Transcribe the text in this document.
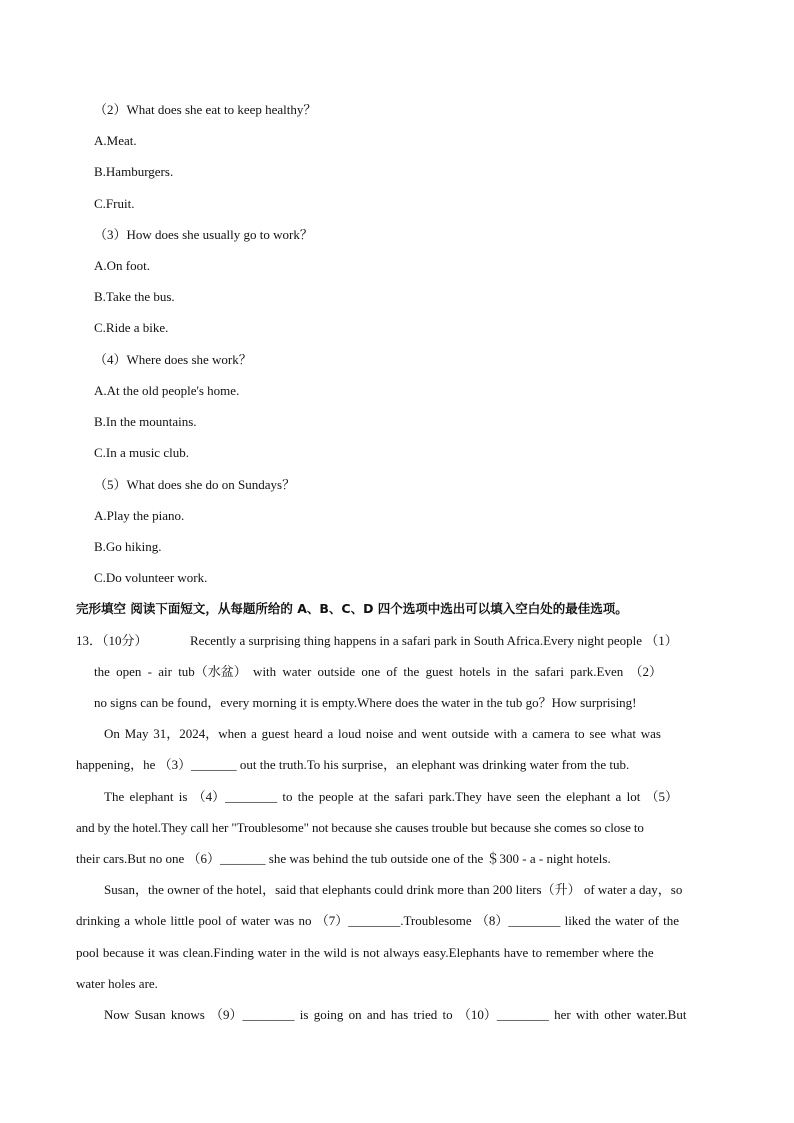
（2）What does she eat to keep healthy？
A.Meat.
B.Hamburgers.
C.Fruit.
（3）How does she usually go to work？
A.On foot.
B.Take the bus.
C.Ride a bike.
（4）Where does she work？
A.At the old people's home.
B.In the mountains.
C.In a music club.
（5）What does she do on Sundays？
A.Play the piano.
B.Go hiking.
C.Do volunteer work.
完形填空 阅读下面短文，从每题所给的 A、B、C、D 四个选项中选出可以填入空白处的最佳选项。
13．（10分）	Recently a surprising thing happens in a safari park in South Africa.Every night people （1）
the open - air tub（水盆） with water outside one of the guest hotels in the safari park.Even （2）
no signs can be found，every morning it is empty.Where does the water in the tub go？How surprising!
On May 31，2024，when a guest heard a loud noise and went outside with a camera to see what was
happening，he （3）_______ out the truth.To his surprise，an elephant was drinking water from the tub.
The elephant is （4）________ to the people at the safari park.They have seen the elephant a lot （5）
and by the hotel.They call her "Troublesome" not because she causes trouble but because she comes so close to
their cars.But no one （6）_______ she was behind the tub outside one of the ＄300 - a - night hotels.
Susan，the owner of the hotel，said that elephants could drink more than 200 liters（升） of water a day，so
drinking a whole little pool of water was no （7）________.Troublesome （8）________ liked the water of the
pool because it was clean.Finding water in the wild is not always easy.Elephants have to remember where the
water holes are.
Now Susan knows （9）________ is going on and has tried to （10）________ her with other water.But
